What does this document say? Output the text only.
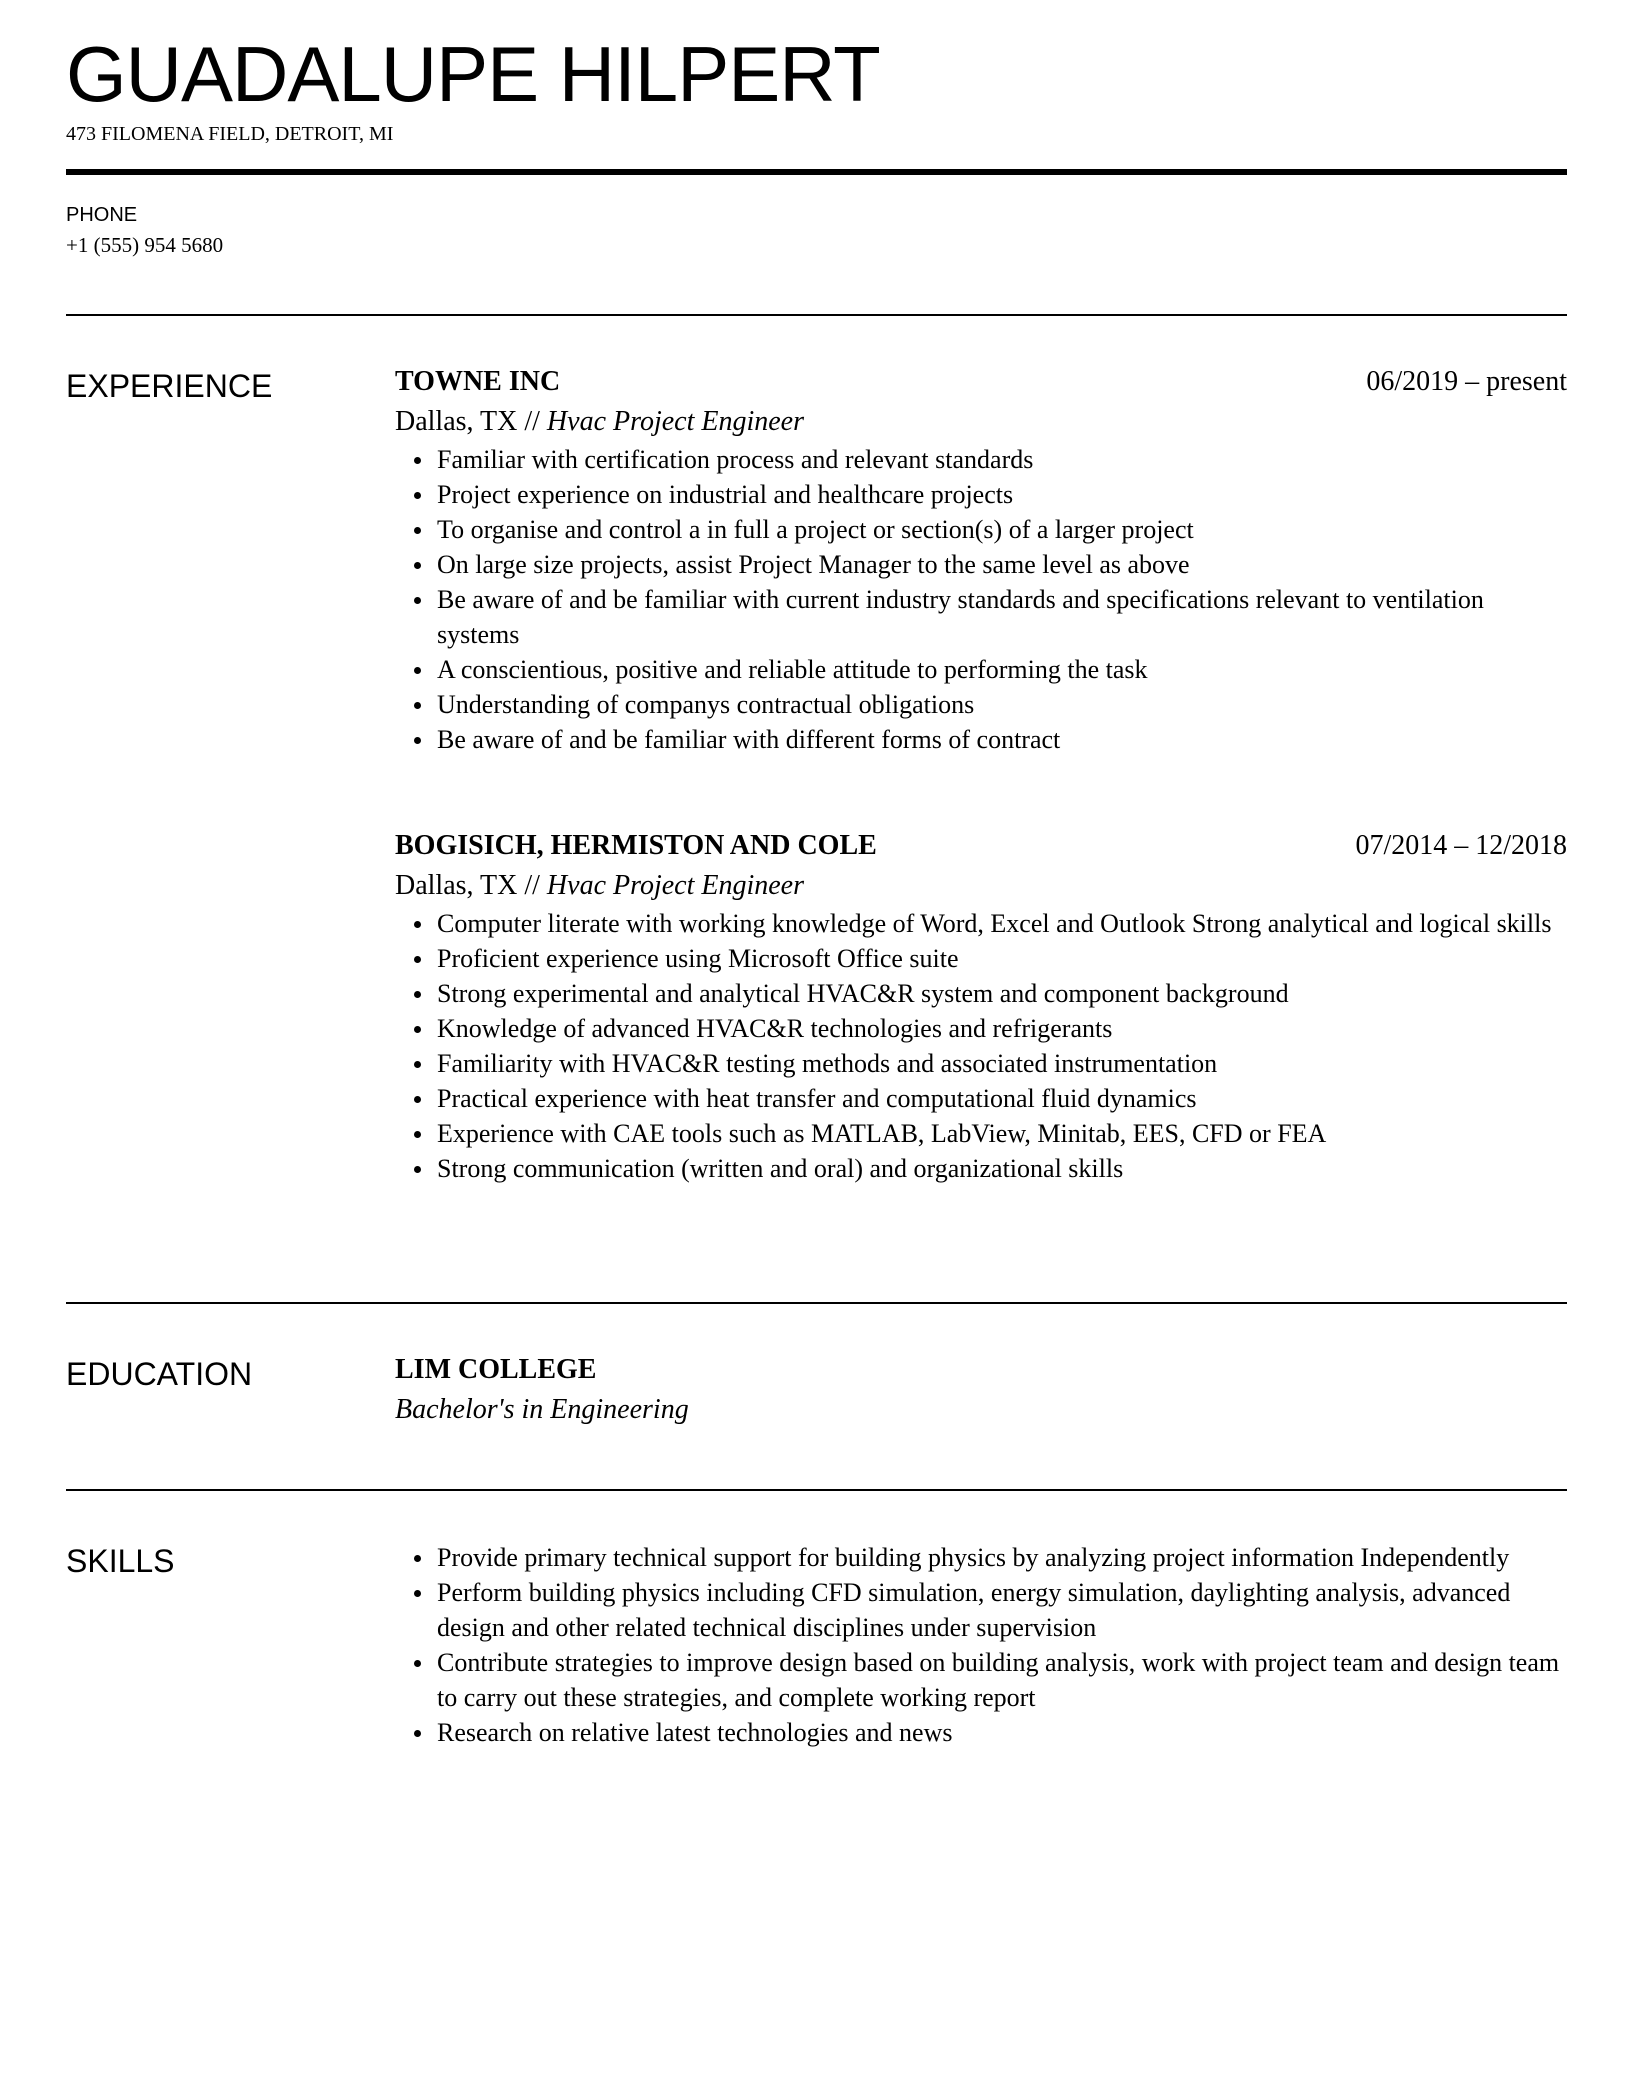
GUADALUPE HILPERT
473 FILOMENA FIELD, DETROIT, MI
PHONE
+1 (555) 954 5680
EXPERIENCE	TOWNE INC	06/2019 – present
Dallas, TX // Hvac Project Engineer
Familiar with certification process and relevant standards
Project experience on industrial and healthcare projects
To organise and control a in full a project or section(s) of a larger project
On large size projects, assist Project Manager to the same level as above
Be aware of and be familiar with current industry standards and specifications relevant to ventilation systems
A conscientious, positive and reliable attitude to performing the task
Understanding of companys contractual obligations
Be aware of and be familiar with different forms of contract
BOGISICH, HERMISTON AND COLE	07/2014 – 12/2018
Dallas, TX // Hvac Project Engineer
Computer literate with working knowledge of Word, Excel and Outlook Strong analytical and logical skills
Proficient experience using Microsoft Office suite
Strong experimental and analytical HVAC&R system and component background
Knowledge of advanced HVAC&R technologies and refrigerants
Familiarity with HVAC&R testing methods and associated instrumentation
Practical experience with heat transfer and computational fluid dynamics
Experience with CAE tools such as MATLAB, LabView, Minitab, EES, CFD or FEA
Strong communication (written and oral) and organizational skills
EDUCATION	LIM COLLEGE
Bachelor's in Engineering
SKILLS	Provide primary technical support for building physics by analyzing project information Independently
Perform building physics including CFD simulation, energy simulation, daylighting analysis, advanced design and other related technical disciplines under supervision
Contribute strategies to improve design based on building analysis, work with project team and design team to carry out these strategies, and complete working report
Research on relative latest technologies and news
